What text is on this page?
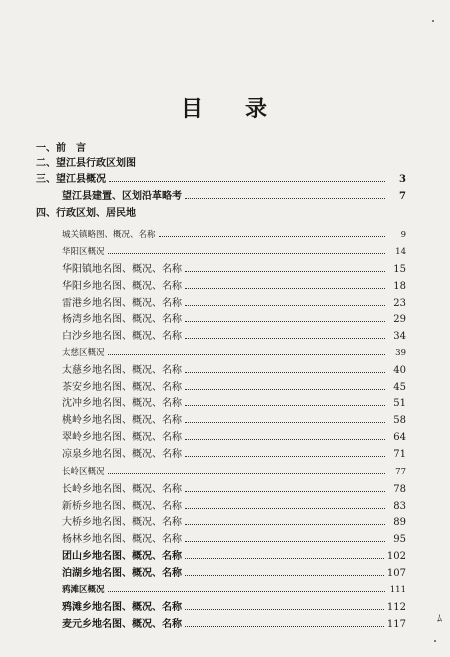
目 录
一、前　言
二、望江县行政区划图
三、望江县概况	3
望江县建置、区划沿革略考	7
四、行政区划、居民地
城关镇略图、概况、名称	9
华阳区概况	14
华阳镇地名图、概况、名称	15
华阳乡地名图、概况、名称	18
雷港乡地名图、概况、名称	23
杨湾乡地名图、概况、名称	29
白沙乡地名图、概况、名称	34
太慈区概况	39
太慈乡地名图、概况、名称	40
茶安乡地名图、概况、名称	45
沈冲乡地名图、概况、名称	51
桃岭乡地名图、概况、名称	58
翠岭乡地名图、概况、名称	64
凉泉乡地名图、概况、名称	71
长岭区概况	77
长岭乡地名图、概况、名称	78
新桥乡地名图、概况、名称	83
大桥乡地名图、概况、名称	89
杨林乡地名图、概况、名称	95
团山乡地名图、概况、名称	102
泊湖乡地名图、概况、名称	107
鸦滩区概况	111
鸦滩乡地名图、概况、名称	112
麦元乡地名图、概况、名称	117	ﾑ
